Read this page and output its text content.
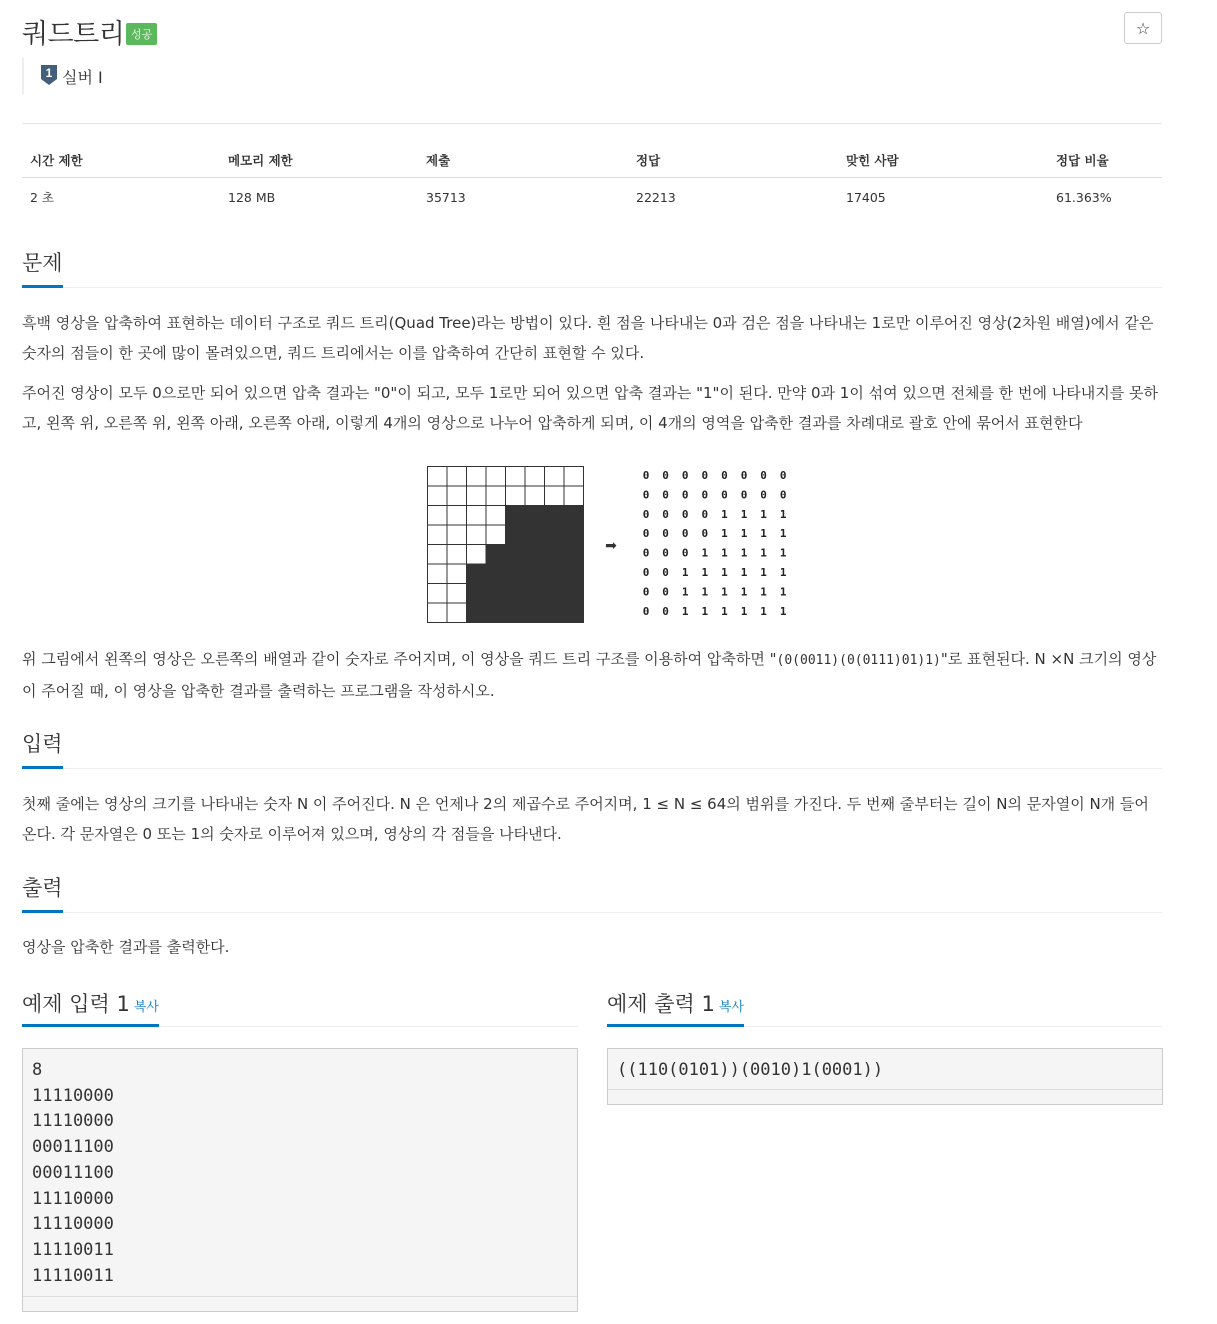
쿼드트리 성공	☆
1 실버 I
시간 제한	메모리 제한	제출	정답	맞힌 사람	정답 비율
2 초	128 MB	35713	22213	17405	61.363%
문제
흑백 영상을 압축하여 표현하는 데이터 구조로 쿼드 트리(Quad Tree)라는 방법이 있다. 흰 점을 나타내는 0과 검은 점을 나타내는 1로만 이루어진 영상(2차원 배열)에서 같은 숫자의 점들이 한 곳에 많이 몰려있으면, 쿼드 트리에서는 이를 압축하여 간단히 표현할 수 있다.
주어진 영상이 모두 0으로만 되어 있으면 압축 결과는 "0"이 되고, 모두 1로만 되어 있으면 압축 결과는 "1"이 된다. 만약 0과 1이 섞여 있으면 전체를 한 번에 나타내지를 못하고, 왼쪽 위, 오른쪽 위, 왼쪽 아래, 오른쪽 아래, 이렇게 4개의 영상으로 나누어 압축하게 되며, 이 4개의 영역을 압축한 결과를 차례대로 괄호 안에 묶어서 표현한다
➡
0 0 0 0 0 0 0 0
0 0 0 0 0 0 0 0
0 0 0 0 1 1 1 1
0 0 0 0 1 1 1 1
0 0 0 1 1 1 1 1
0 0 1 1 1 1 1 1
0 0 1 1 1 1 1 1
0 0 1 1 1 1 1 1
위 그림에서 왼쪽의 영상은 오른쪽의 배열과 같이 숫자로 주어지며, 이 영상을 쿼드 트리 구조를 이용하여 압축하면 "(0(0011)(0(0111)01)1)"로 표현된다. N ×N 크기의 영상이 주어질 때, 이 영상을 압축한 결과를 출력하는 프로그램을 작성하시오.
입력
첫째 줄에는 영상의 크기를 나타내는 숫자 N 이 주어진다. N 은 언제나 2의 제곱수로 주어지며, 1 ≤ N ≤ 64의 범위를 가진다. 두 번째 줄부터는 길이 N의 문자열이 N개 들어온다. 각 문자열은 0 또는 1의 숫자로 이루어져 있으며, 영상의 각 점들을 나타낸다.
출력
영상을 압축한 결과를 출력한다.
예제 입력 1 복사	예제 출력 1 복사
8
11110000
11110000
00011100
00011100
11110000
11110000
11110011
11110011
((110(0101))(0010)1(0001))
